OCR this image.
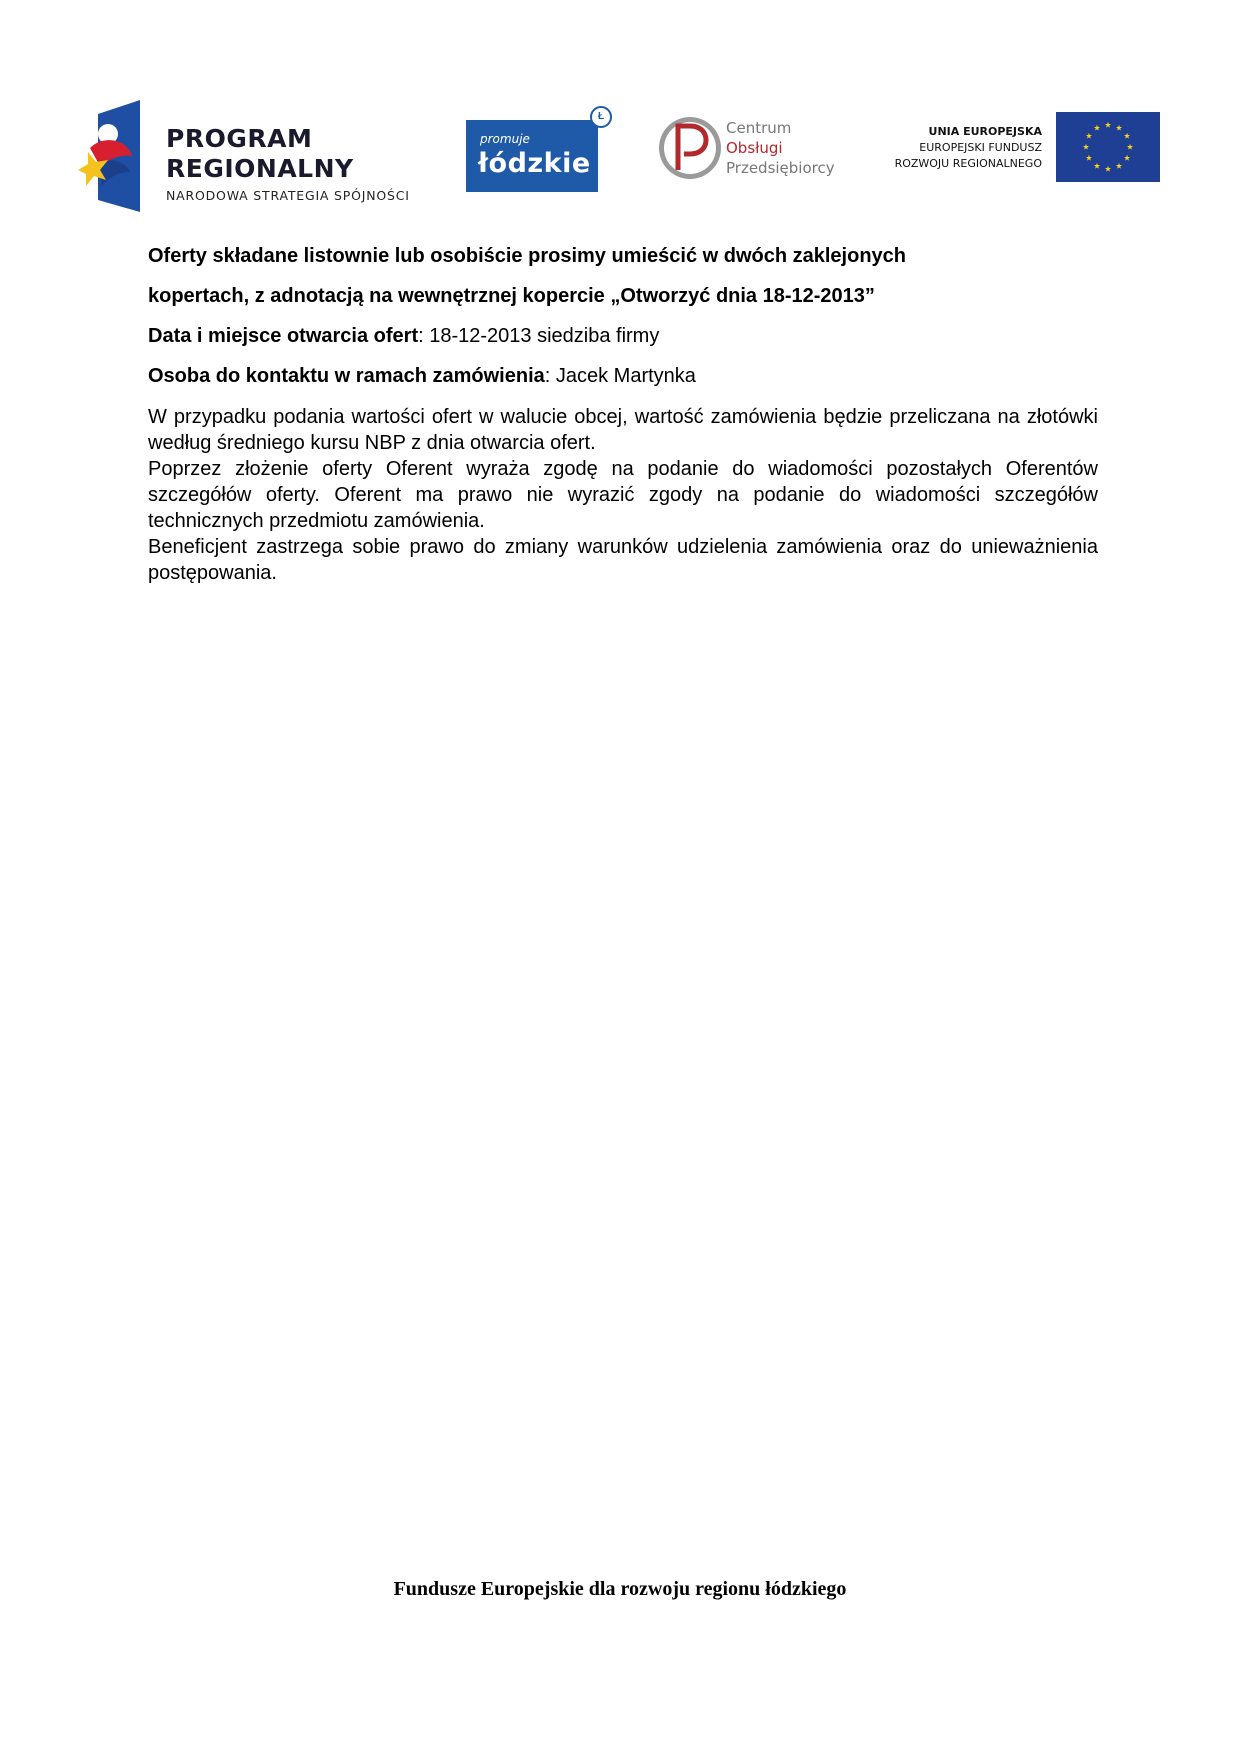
PROGRAM
REGIONALNY
NARODOWA STRATEGIA SPÓJNOŚCI
promuje
łódzkie
Ł
Centrum
Obsługi
Przedsiębiorcy
UNIA EUROPEJSKA
EUROPEJSKI FUNDUSZ
ROZWOJU REGIONALNEGO

Oferty składane listownie lub osobiście prosimy umieścić w dwóch zaklejonych

kopertach, z adnotacją na wewnętrznej kopercie „Otworzyć dnia 18-12-2013”

Data i miejsce otwarcia ofert: 18-12-2013 siedziba firmy

Osoba do kontaktu w ramach zamówienia: Jacek Martynka

W przypadku podania wartości ofert w walucie obcej, wartość zamówienia będzie przeliczana na złotówki według średniego kursu NBP z dnia otwarcia ofert.

Poprzez złożenie oferty Oferent wyraża zgodę na podanie do wiadomości pozostałych Oferentów szczegółów oferty. Oferent ma prawo nie wyrazić zgody na podanie do wiadomości szczegółów technicznych przedmiotu zamówienia.

Beneficjent zastrzega sobie prawo do zmiany warunków udzielenia zamówienia oraz do unieważnienia postępowania.

Fundusze Europejskie dla rozwoju regionu łódzkiego
